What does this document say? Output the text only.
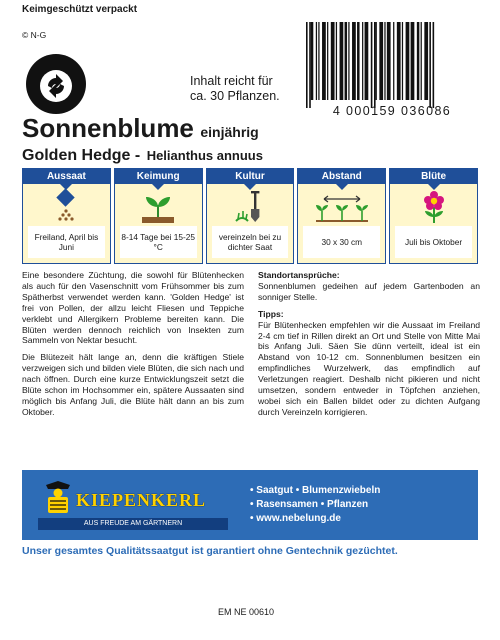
Keimgeschützt verpackt
© N-G
Inhalt reicht für
ca. 30 Pflanzen.
4 000159 036086
Sonnenblume einjährig
Golden Hedge - Helianthus annuus
Aussaat
Freiland, April bis Juni
Keimung
8-14 Tage bei 15-25 °C
Kultur
vereinzeln bei zu dichter Saat
Abstand
30 x 30 cm
Blüte
Juli bis Oktober

Eine besondere Züchtung, die sowohl für Blütenhecken als auch für den Vasenschnitt vom Frühsommer bis zum Spätherbst verwendet werden kann. 'Golden Hedge' ist frei von Pollen, der allzu leicht Fliesen und Teppiche verklebt und Allergikern Probleme bereiten kann. Die Blüten werden dennoch reichlich von Insekten zum Sammeln von Nektar besucht.

Die Blütezeit hält lange an, denn die kräftigen Stiele verzweigen sich und bilden viele Blüten, die sich nach und nach öffnen. Durch eine kurze Entwicklungszeit setzt die Blüte schon im Hochsommer ein, spätere Aussaaten sind möglich bis Anfang Juli, die Blüte hält dann an bis zum Oktober.

Standortansprüche:

Sonnenblumen gedeihen auf jedem Gartenboden an sonniger Stelle.

Tipps:

Für Blütenhecken empfehlen wir die Aussaat im Freiland 2-4 cm tief in Rillen direkt an Ort und Stelle von Mitte Mai bis Anfang Juli. Säen Sie dünn verteilt, ideal ist ein Abstand von 10-12 cm. Sonnenblumen besitzen ein empfindliches Wurzelwerk, das empfindlich auf Verletzungen reagiert. Deshalb nicht pikieren und nicht umsetzen, sondern entweder in Töpfchen anziehen, wobei sich ein Ballen bildet oder zu dichten Aufgang durch Vereinzeln korrigieren.

KIEPENKERL
AUS FREUDE AM GÄRTNERN
• Saatgut • Blumenzwiebeln
• Rasensamen • Pflanzen
• www.nebelung.de
Unser gesamtes Qualitätssaatgut ist garantiert ohne Gentechnik gezüchtet.
EM NE 00610
